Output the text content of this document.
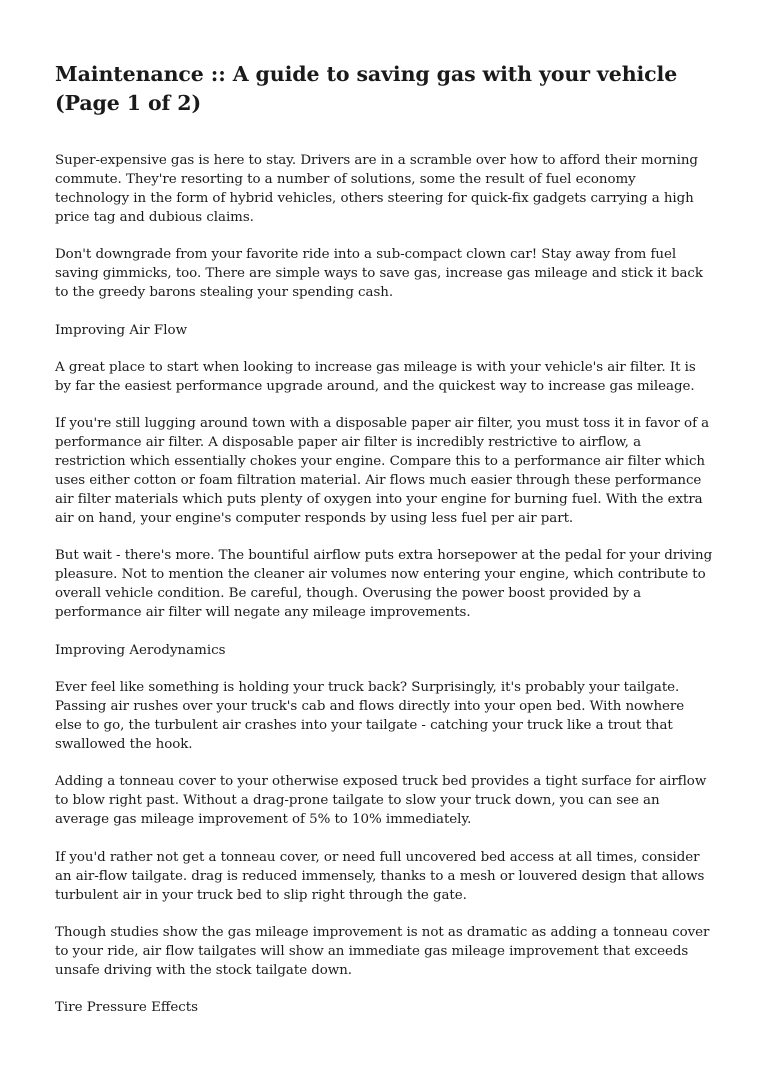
Maintenance :: A guide to saving gas with your vehicle (Page 1 of 2)

Super-expensive gas is here to stay. Drivers are in a scramble over how to afford their morning commute. They're resorting to a number of solutions, some the result of fuel economy technology in the form of hybrid vehicles, others steering for quick-fix gadgets carrying a high price tag and dubious claims.

Don't downgrade from your favorite ride into a sub-compact clown car! Stay away from fuel saving gimmicks, too. There are simple ways to save gas, increase gas mileage and stick it back to the greedy barons stealing your spending cash.

Improving Air Flow

A great place to start when looking to increase gas mileage is with your vehicle's air filter. It is by far the easiest performance upgrade around, and the quickest way to increase gas mileage.

If you're still lugging around town with a disposable paper air filter, you must toss it in favor of a performance air filter. A disposable paper air filter is incredibly restrictive to airflow, a restriction which essentially chokes your engine. Compare this to a performance air filter which uses either cotton or foam filtration material. Air flows much easier through these performance air filter materials which puts plenty of oxygen into your engine for burning fuel. With the extra air on hand, your engine's computer responds by using less fuel per air part.

But wait - there's more. The bountiful airflow puts extra horsepower at the pedal for your driving pleasure. Not to mention the cleaner air volumes now entering your engine, which contribute to overall vehicle condition. Be careful, though. Overusing the power boost provided by a performance air filter will negate any mileage improvements.

Improving Aerodynamics

Ever feel like something is holding your truck back? Surprisingly, it's probably your tailgate. Passing air rushes over your truck's cab and flows directly into your open bed. With nowhere else to go, the turbulent air crashes into your tailgate - catching your truck like a trout that swallowed the hook.

Adding a tonneau cover to your otherwise exposed truck bed provides a tight surface for airflow to blow right past. Without a drag-prone tailgate to slow your truck down, you can see an average gas mileage improvement of 5% to 10% immediately.

If you'd rather not get a tonneau cover, or need full uncovered bed access at all times, consider an air-flow tailgate. drag is reduced immensely, thanks to a mesh or louvered design that allows turbulent air in your truck bed to slip right through the gate.

Though studies show the gas mileage improvement is not as dramatic as adding a tonneau cover to your ride, air flow tailgates will show an immediate gas mileage improvement that exceeds unsafe driving with the stock tailgate down.

Tire Pressure Effects
